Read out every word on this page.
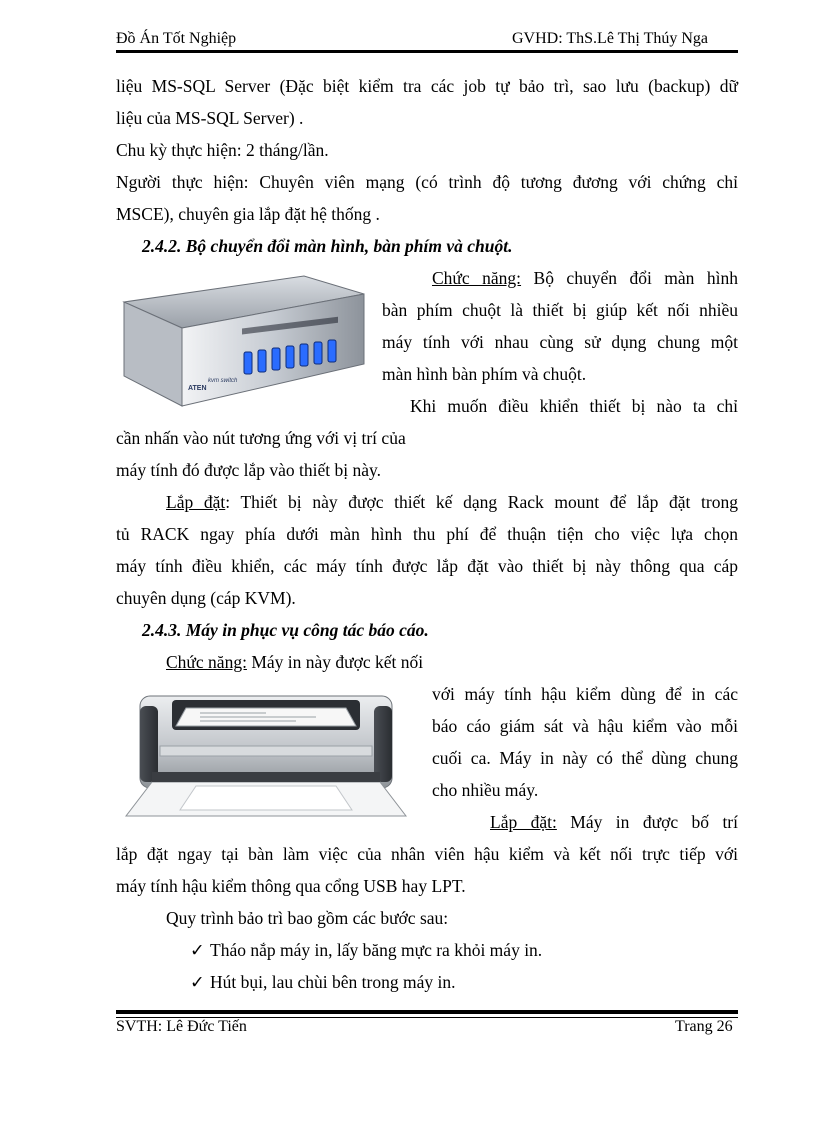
Đồ Án Tốt Nghiệp	GVHD: ThS.Lê Thị Thúy Nga
liệu MS-SQL Server (Đặc biệt kiểm tra các job tự bảo trì, sao lưu (backup) dữ
liệu của MS-SQL Server) .
Chu kỳ thực hiện: 2 tháng/lần.
Người thực hiện: Chuyên viên mạng (có trình độ tương đương với chứng chỉ
MSCE), chuyên gia lắp đặt hệ thống .
2.4.2. Bộ chuyển đổi màn hình, bàn phím và chuột.
ATEN
kvm switch
Chức năng: Bộ chuyển đổi màn hình
bàn phím chuột là thiết bị giúp kết nối nhiều
máy tính với nhau cùng sử dụng chung một
màn hình bàn phím và chuột.
Khi muốn điều khiển thiết bị nào ta chỉ
cần nhấn vào nút tương ứng với vị trí của
máy tính đó được lắp vào thiết bị này.
Lắp đặt: Thiết bị này được thiết kế dạng Rack mount để lắp đặt trong
tủ RACK ngay phía dưới màn hình thu phí để thuận tiện cho việc lựa chọn
máy tính điều khiển, các máy tính được lắp đặt vào thiết bị này thông qua cáp
chuyên dụng (cáp KVM).
2.4.3. Máy in phục vụ công tác báo cáo.
Chức năng: Máy in này được kết nối
với máy tính hậu kiểm dùng để in các
báo cáo giám sát và hậu kiểm vào mỗi
cuối ca. Máy in này có thể dùng chung
cho nhiều máy.
Lắp đặt: Máy in được bố trí
lắp đặt ngay tại bàn làm việc của nhân viên hậu kiểm và kết nối trực tiếp với
máy tính hậu kiểm thông qua cổng USB hay LPT.
Quy trình bảo trì bao gồm các bước sau:
✓ Tháo nắp máy in, lấy băng mực ra khỏi máy in.
✓ Hút bụi, lau chùi bên trong máy in.
SVTH: Lê Đức Tiến	Trang 26
